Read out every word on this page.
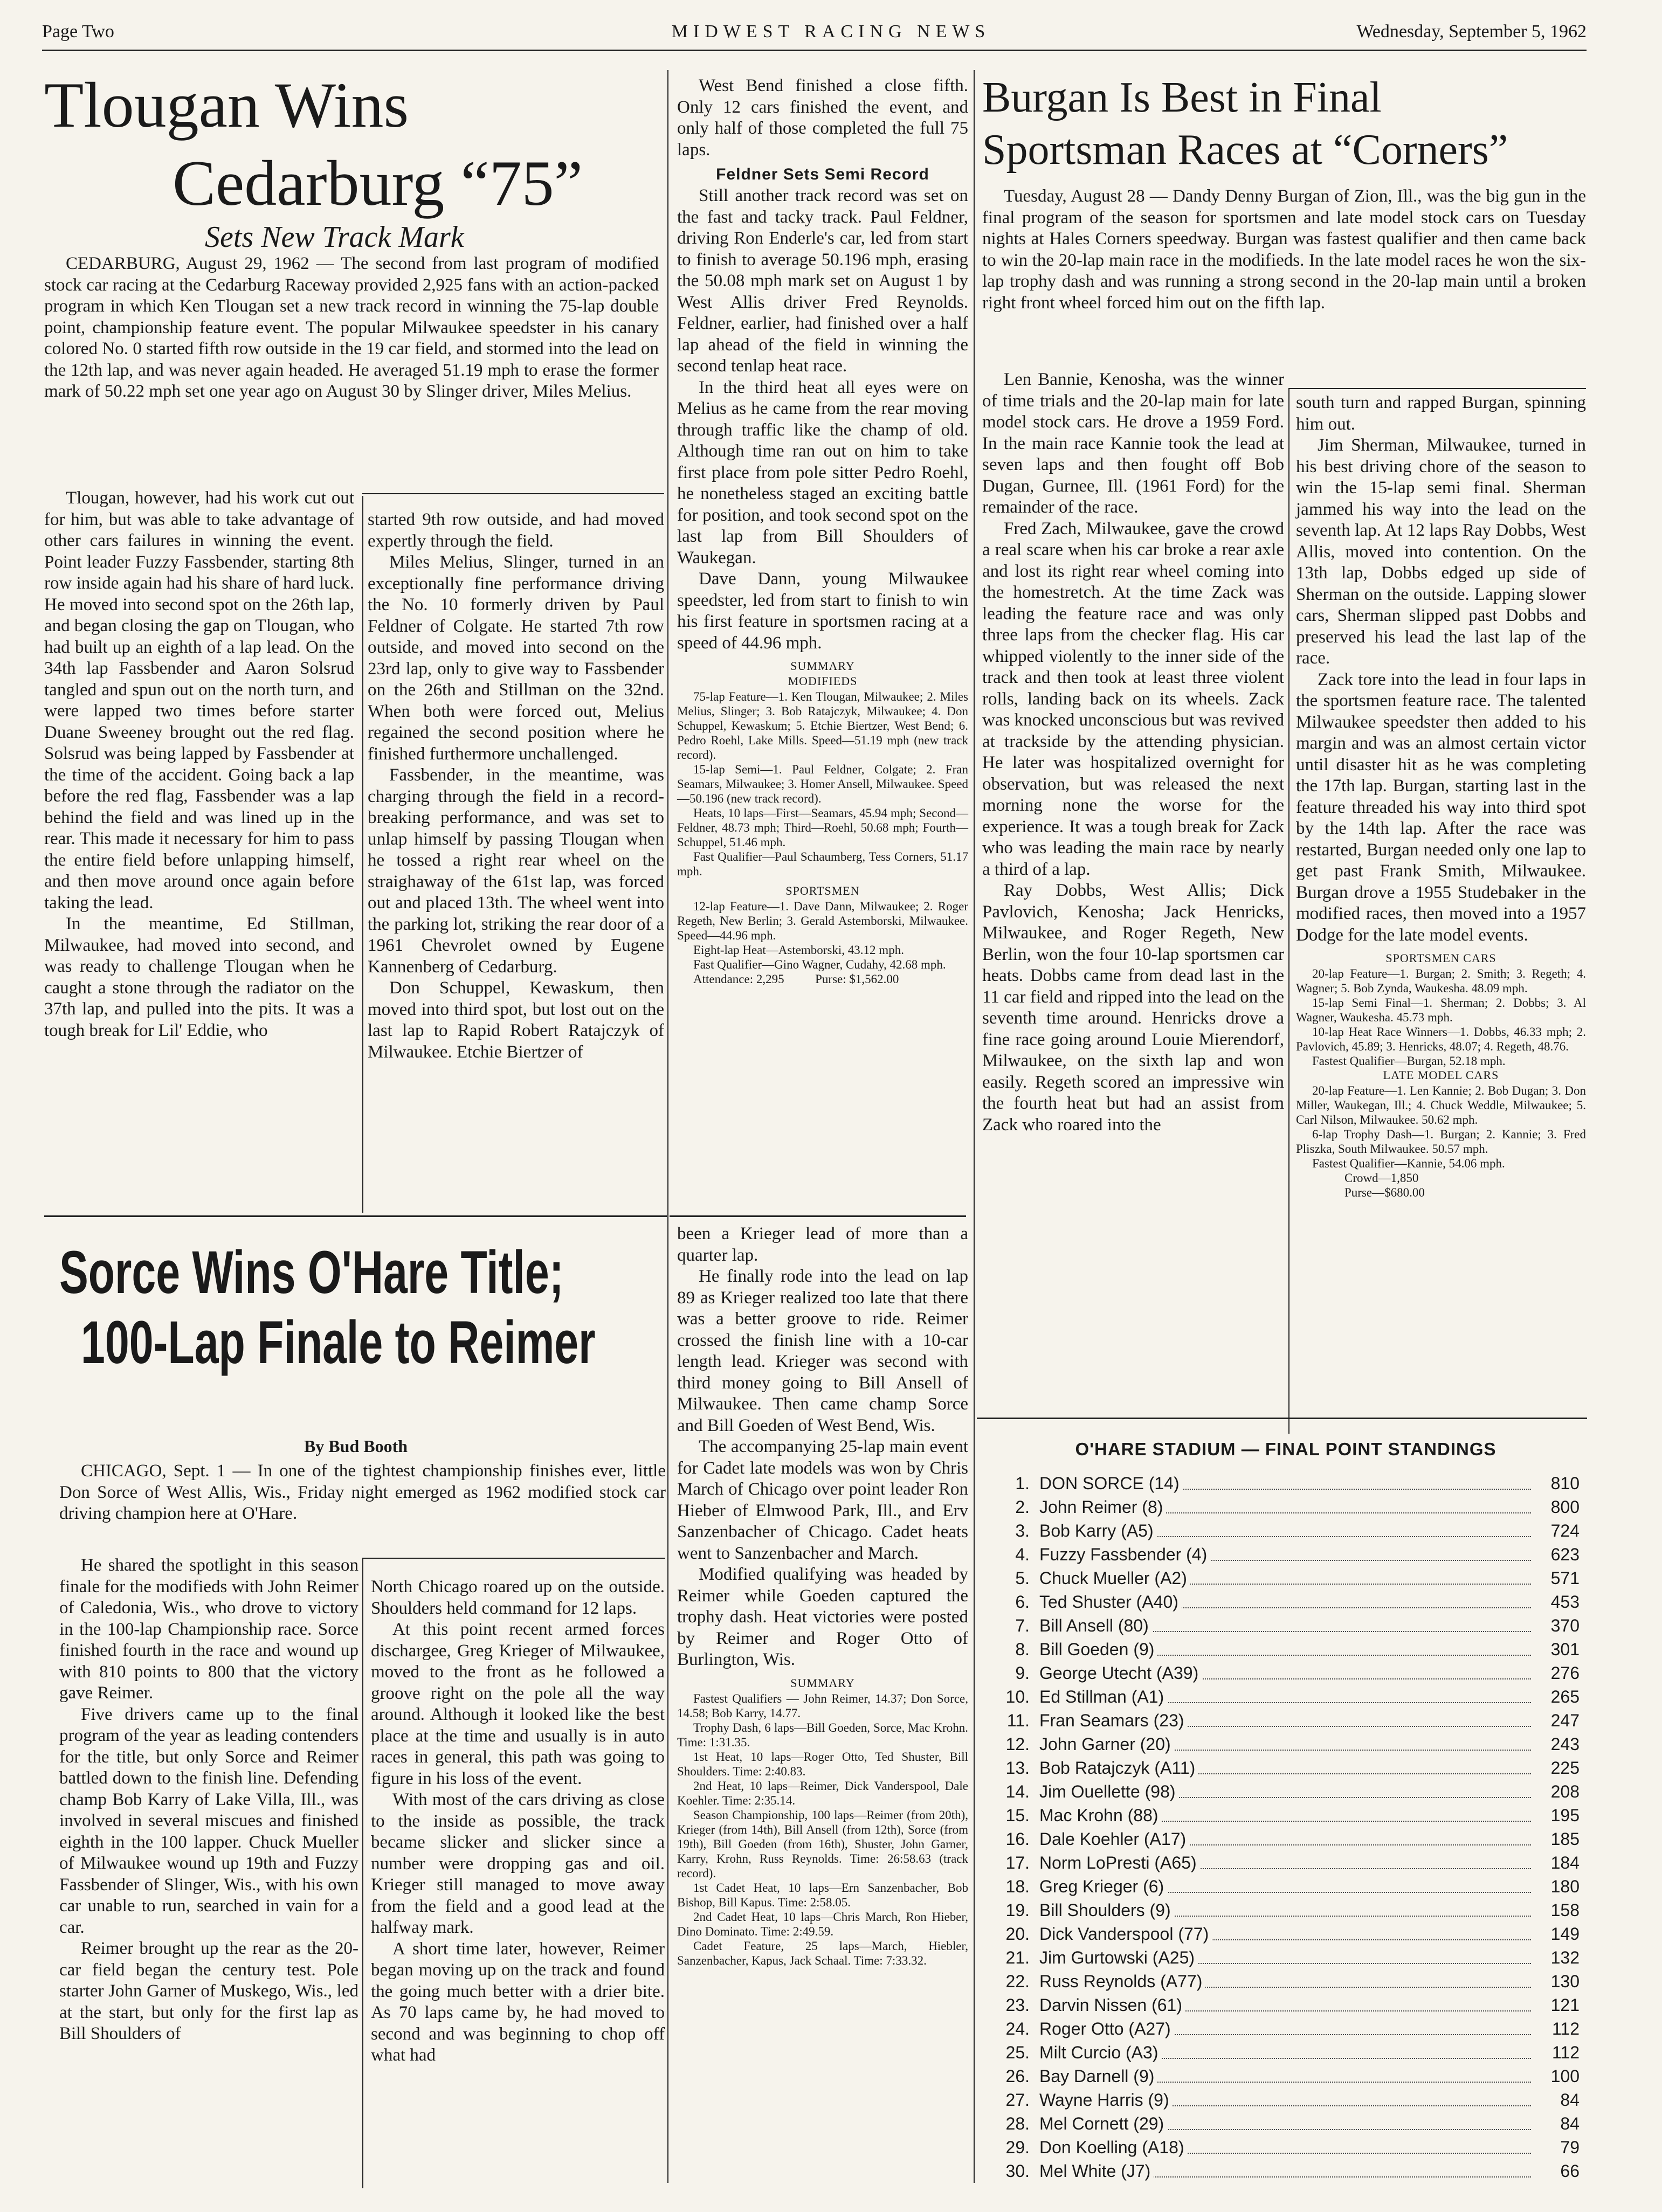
Page Two	MIDWEST RACING NEWS	Wednesday, September 5, 1962
Tlougan Wins
Cedarburg “75”
Sets New Track Mark

CEDARBURG, August 29, 1962 — The second from last program of modified stock car racing at the Cedarburg Raceway provided 2,925 fans with an action-packed program in which Ken Tlougan set a new track record in winning the 75-lap double point, championship feature event. The popular Milwaukee speedster in his canary colored No. 0 started fifth row outside in the 19 car field, and stormed into the lead on the 12th lap, and was never again headed. He averaged 51.19 mph to erase the former mark of 50.22 mph set one year ago on August 30 by Slinger driver, Miles Melius.

Tlougan, however, had his work cut out for him, but was able to take advantage of other cars failures in winning the event. Point leader Fuzzy Fassbender, starting 8th row inside again had his share of hard luck. He moved into second spot on the 26th lap, and began closing the gap on Tlougan, who had built up an eighth of a lap lead. On the 34th lap Fassbender and Aaron Solsrud tangled and spun out on the north turn, and were lapped two times before starter Duane Sweeney brought out the red flag. Solsrud was being lapped by Fassbender at the time of the accident. Going back a lap before the red flag, Fassbender was a lap behind the field and was lined up in the rear. This made it necessary for him to pass the entire field before unlapping himself, and then move around once again before taking the lead.

In the meantime, Ed Stillman, Milwaukee, had moved into second, and was ready to challenge Tlougan when he caught a stone through the radiator on the 37th lap, and pulled into the pits. It was a tough break for Lil' Eddie, who

started 9th row outside, and had moved expertly through the field.

Miles Melius, Slinger, turned in an exceptionally fine performance driving the No. 10 formerly driven by Paul Feldner of Colgate. He started 7th row outside, and moved into second on the 23rd lap, only to give way to Fassbender on the 26th and Stillman on the 32nd. When both were forced out, Melius regained the second position where he finished furthermore unchallenged.

Fassbender, in the meantime, was charging through the field in a record-breaking performance, and was set to unlap himself by passing Tlougan when he tossed a right rear wheel on the straighaway of the 61st lap, was forced out and placed 13th. The wheel went into the parking lot, striking the rear door of a 1961 Chevrolet owned by Eugene Kannenberg of Cedarburg.

Don Schuppel, Kewaskum, then moved into third spot, but lost out on the last lap to Rapid Robert Ratajczyk of Milwaukee. Etchie Biertzer of

West Bend finished a close fifth. Only 12 cars finished the event, and only half of those completed the full 75 laps.

Feldner Sets Semi Record

Still another track record was set on the fast and tacky track. Paul Feldner, driving Ron Enderle's car, led from start to finish to average 50.196 mph, erasing the 50.08 mph mark set on August 1 by West Allis driver Fred Reynolds. Feldner, earlier, had finished over a half lap ahead of the field in winning the second tenlap heat race.

In the third heat all eyes were on Melius as he came from the rear moving through traffic like the champ of old. Although time ran out on him to take first place from pole sitter Pedro Roehl, he nonetheless staged an exciting battle for position, and took second spot on the last lap from Bill Shoulders of Waukegan.

Dave Dann, young Milwaukee speedster, led from start to finish to win his first feature in sportsmen racing at a speed of 44.96 mph.

SUMMARY
MODIFIEDS

75-lap Feature—1. Ken Tlougan, Milwaukee; 2. Miles Melius, Slinger; 3. Bob Ratajczyk, Milwaukee; 4. Don Schuppel, Kewaskum; 5. Etchie Biertzer, West Bend; 6. Pedro Roehl, Lake Mills. Speed—51.19 mph (new track record).

15-lap Semi—1. Paul Feldner, Colgate; 2. Fran Seamars, Milwaukee; 3. Homer Ansell, Milwaukee. Speed—50.196 (new track record).

Heats, 10 laps—First—Seamars, 45.94 mph; Second—Feldner, 48.73 mph; Third—Roehl, 50.68 mph; Fourth—Schuppel, 51.46 mph.

Fast Qualifier—Paul Schaumberg, Tess Corners, 51.17 mph.

SPORTSMEN

12-lap Feature—1. Dave Dann, Milwaukee; 2. Roger Regeth, New Berlin; 3. Gerald Astemborski, Milwaukee. Speed—44.96 mph.

Eight-lap Heat—Astemborski, 43.12 mph.

Fast Qualifier—Gino Wagner, Cudahy, 42.68 mph.

Attendance: 2,295          Purse: $1,562.00

Burgan Is Best in Final
Sportsman Races at “Corners”

Tuesday, August 28 — Dandy Denny Burgan of Zion, Ill., was the big gun in the final program of the season for sportsmen and late model stock cars on Tuesday nights at Hales Corners speedway. Burgan was fastest qualifier and then came back to win the 20-lap main race in the modifieds. In the late model races he won the six-lap trophy dash and was running a strong second in the 20-lap main until a broken right front wheel forced him out on the fifth lap.

Len Bannie, Kenosha, was the winner of time trials and the 20-lap main for late model stock cars. He drove a 1959 Ford. In the main race Kannie took the lead at seven laps and then fought off Bob Dugan, Gurnee, Ill. (1961 Ford) for the remainder of the race.

Fred Zach, Milwaukee, gave the crowd a real scare when his car broke a rear axle and lost its right rear wheel coming into the homestretch. At the time Zack was leading the feature race and was only three laps from the checker flag. His car whipped violently to the inner side of the track and then took at least three violent rolls, landing back on its wheels. Zack was knocked unconscious but was revived at trackside by the attending physician. He later was hospitalized overnight for observation, but was released the next morning none the worse for the experience. It was a tough break for Zack who was leading the main race by nearly a third of a lap.

Ray Dobbs, West Allis; Dick Pavlovich, Kenosha; Jack Henricks, Milwaukee, and Roger Regeth, New Berlin, won the four 10-lap sportsmen car heats. Dobbs came from dead last in the 11 car field and ripped into the lead on the seventh time around. Henricks drove a fine race going around Louie Mierendorf, Milwaukee, on the sixth lap and won easily. Regeth scored an impressive win the fourth heat but had an assist from Zack who roared into the

south turn and rapped Burgan, spinning him out.

Jim Sherman, Milwaukee, turned in his best driving chore of the season to win the 15-lap semi final. Sherman jammed his way into the lead on the seventh lap. At 12 laps Ray Dobbs, West Allis, moved into contention. On the 13th lap, Dobbs edged up side of Sherman on the outside. Lapping slower cars, Sherman slipped past Dobbs and preserved his lead the last lap of the race.

Zack tore into the lead in four laps in the sportsmen feature race. The talented Milwaukee speedster then added to his margin and was an almost certain victor until disaster hit as he was completing the 17th lap. Burgan, starting last in the feature threaded his way into third spot by the 14th lap. After the race was restarted, Burgan needed only one lap to get past Frank Smith, Milwaukee. Burgan drove a 1955 Studebaker in the modified races, then moved into a 1957 Dodge for the late model events.

SPORTSMEN CARS

20-lap Feature—1. Burgan; 2. Smith; 3. Regeth; 4. Wagner; 5. Bob Zynda, Waukesha. 48.09 mph.

15-lap Semi Final—1. Sherman; 2. Dobbs; 3. Al Wagner, Waukesha. 45.73 mph.

10-lap Heat Race Winners—1. Dobbs, 46.33 mph; 2. Pavlovich, 45.89; 3. Henricks, 48.07; 4. Regeth, 48.76.

Fastest Qualifier—Burgan, 52.18 mph.

LATE MODEL CARS

20-lap Feature—1. Len Kannie; 2. Bob Dugan; 3. Don Miller, Waukegan, Ill.; 4. Chuck Weddle, Milwaukee; 5. Carl Nilson, Milwaukee. 50.62 mph.

6-lap Trophy Dash—1. Burgan; 2. Kannie; 3. Fred Pliszka, South Milwaukee. 50.57 mph.

Fastest Qualifier—Kannie, 54.06 mph.

Crowd—1,850

Purse—$680.00

Sorce Wins O'Hare Title;
100-Lap Finale to Reimer
By Bud Booth

CHICAGO, Sept. 1 — In one of the tightest championship finishes ever, little Don Sorce of West Allis, Wis., Friday night emerged as 1962 modified stock car driving champion here at O'Hare.

He shared the spotlight in this season finale for the modifieds with John Reimer of Caledonia, Wis., who drove to victory in the 100-lap Championship race. Sorce finished fourth in the race and wound up with 810 points to 800 that the victory gave Reimer.

Five drivers came up to the final program of the year as leading contenders for the title, but only Sorce and Reimer battled down to the finish line. Defending champ Bob Karry of Lake Villa, Ill., was involved in several miscues and finished eighth in the 100 lapper. Chuck Mueller of Milwaukee wound up 19th and Fuzzy Fassbender of Slinger, Wis., with his own car unable to run, searched in vain for a car.

Reimer brought up the rear as the 20-car field began the century test. Pole starter John Garner of Muskego, Wis., led at the start, but only for the first lap as Bill Shoulders of

North Chicago roared up on the outside. Shoulders held command for 12 laps.

At this point recent armed forces dischargee, Greg Krieger of Milwaukee, moved to the front as he followed a groove right on the pole all the way around. Although it looked like the best place at the time and usually is in auto races in general, this path was going to figure in his loss of the event.

With most of the cars driving as close to the inside as possible, the track became slicker and slicker since a number were dropping gas and oil. Krieger still managed to move away from the field and a good lead at the halfway mark.

A short time later, however, Reimer began moving up on the track and found the going much better with a drier bite. As 70 laps came by, he had moved to second and was beginning to chop off what had

been a Krieger lead of more than a quarter lap.

He finally rode into the lead on lap 89 as Krieger realized too late that there was a better groove to ride. Reimer crossed the finish line with a 10-car length lead. Krieger was second with third money going to Bill Ansell of Milwaukee. Then came champ Sorce and Bill Goeden of West Bend, Wis.

The accompanying 25-lap main event for Cadet late models was won by Chris March of Chicago over point leader Ron Hieber of Elmwood Park, Ill., and Erv Sanzenbacher of Chicago. Cadet heats went to Sanzenbacher and March.

Modified qualifying was headed by Reimer while Goeden captured the trophy dash. Heat victories were posted by Reimer and Roger Otto of Burlington, Wis.

SUMMARY

Fastest Qualifiers — John Reimer, 14.37; Don Sorce, 14.58; Bob Karry, 14.77.

Trophy Dash, 6 laps—Bill Goeden, Sorce, Mac Krohn. Time: 1:31.35.

1st Heat, 10 laps—Roger Otto, Ted Shuster, Bill Shoulders. Time: 2:40.83.

2nd Heat, 10 laps—Reimer, Dick Vanderspool, Dale Koehler. Time: 2:35.14.

Season Championship, 100 laps—Reimer (from 20th), Krieger (from 14th), Bill Ansell (from 12th), Sorce (from 19th), Bill Goeden (from 16th), Shuster, John Garner, Karry, Krohn, Russ Reynolds. Time: 26:58.63 (track record).

1st Cadet Heat, 10 laps—Ern Sanzenbacher, Bob Bishop, Bill Kapus. Time: 2:58.05.

2nd Cadet Heat, 10 laps—Chris March, Ron Hieber, Dino Dominato. Time: 2:49.59.

Cadet Feature, 25 laps—March, Hiebler, Sanzenbacher, Kapus, Jack Schaal. Time: 7:33.32.

O'HARE STADIUM — FINAL POINT STANDINGS
1. DON SORCE (14)	810
2. John Reimer (8)	800
3. Bob Karry (A5)	724
4. Fuzzy Fassbender (4)	623
5. Chuck Mueller (A2)	571
6. Ted Shuster (A40)	453
7. Bill Ansell (80)	370
8. Bill Goeden (9)	301
9. George Utecht (A39)	276
10. Ed Stillman (A1)	265
11. Fran Seamars (23)	247
12. John Garner (20)	243
13. Bob Ratajczyk (A11)	225
14. Jim Ouellette (98)	208
15. Mac Krohn (88)	195
16. Dale Koehler (A17)	185
17. Norm LoPresti (A65)	184
18. Greg Krieger (6)	180
19. Bill Shoulders (9)	158
20. Dick Vanderspool (77)	149
21. Jim Gurtowski (A25)	132
22. Russ Reynolds (A77)	130
23. Darvin Nissen (61)	121
24. Roger Otto (A27)	112
25. Milt Curcio (A3)	112
26. Bay Darnell (9)	100
27. Wayne Harris (9)	84
28. Mel Cornett (29)	84
29. Don Koelling (A18)	79
30. Mel White (J7)	66
